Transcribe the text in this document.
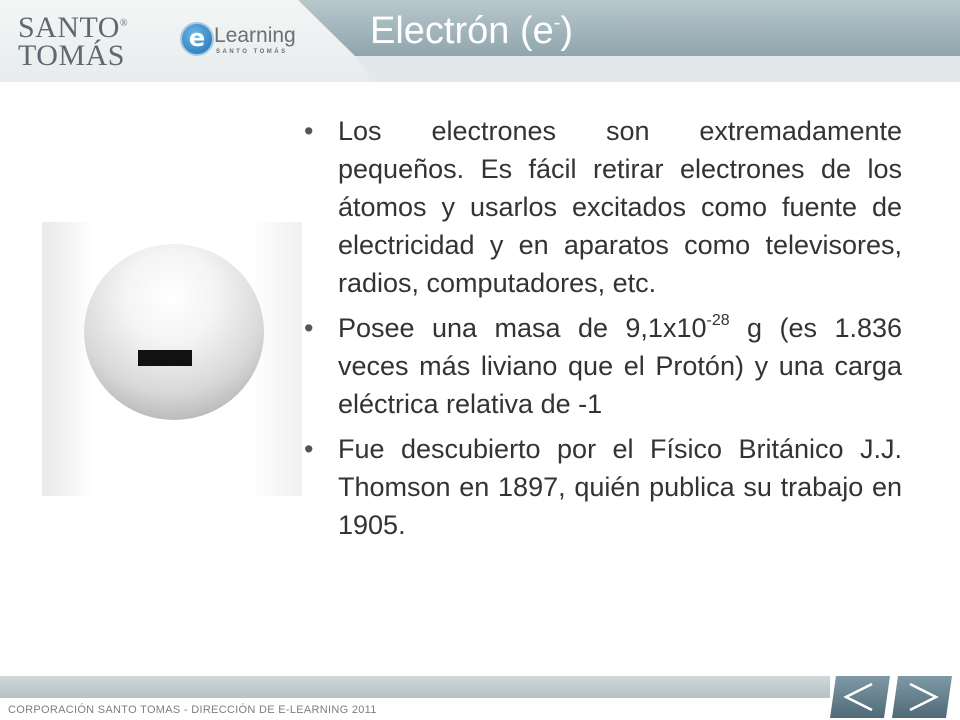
SANTO®
TOMÁS
e Learning
SANTO TOMÁS Electrón (e-)

• Los electrones son extremadamente pequeños. Es fácil retirar electrones de los átomos y usarlos excitados como fuente de electricidad y en aparatos como televisores, radios, computadores, etc.

• Posee una masa de $9,1x10^{-28}$ g (es 1.836 veces más liviano que el Protón) y una carga eléctrica relativa de -1

• Fue descubierto por el Físico Británico J.J. Thomson en 1897, quién publica su trabajo en 1905.

CORPORACIÓN SANTO TOMAS - DIRECCIÓN DE E-LEARNING 2011
